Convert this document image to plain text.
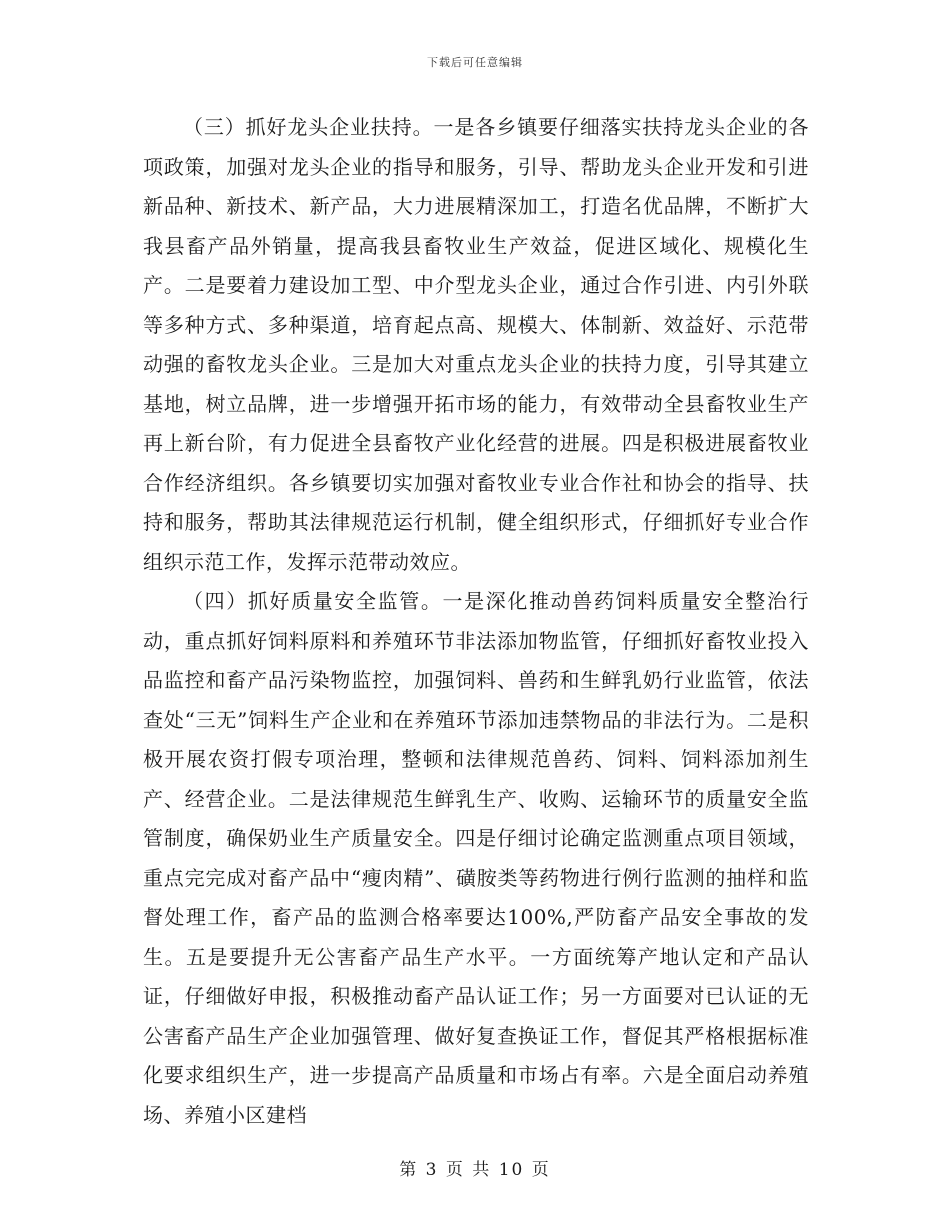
下载后可任意编辑

（三）抓好龙头企业扶持。一是各乡镇要仔细落实扶持龙头企业的各项政策，加强对龙头企业的指导和服务，引导、帮助龙头企业开发和引进新品种、新技术、新产品，大力进展精深加工，打造名优品牌，不断扩大我县畜产品外销量，提高我县畜牧业生产效益，促进区域化、规模化生产。二是要着力建设加工型、中介型龙头企业，通过合作引进、内引外联等多种方式、多种渠道，培育起点高、规模大、体制新、效益好、示范带动强的畜牧龙头企业。三是加大对重点龙头企业的扶持力度，引导其建立基地，树立品牌，进一步增强开拓市场的能力，有效带动全县畜牧业生产再上新台阶，有力促进全县畜牧产业化经营的进展。四是积极进展畜牧业合作经济组织。各乡镇要切实加强对畜牧业专业合作社和协会的指导、扶持和服务，帮助其法律规范运行机制，健全组织形式，仔细抓好专业合作组织示范工作，发挥示范带动效应。

（四）抓好质量安全监管。一是深化推动兽药饲料质量安全整治行动，重点抓好饲料原料和养殖环节非法添加物监管，仔细抓好畜牧业投入品监控和畜产品污染物监控，加强饲料、兽药和生鲜乳奶行业监管，依法查处“三无”饲料生产企业和在养殖环节添加违禁物品的非法行为。二是积极开展农资打假专项治理，整顿和法律规范兽药、饲料、饲料添加剂生产、经营企业。二是法律规范生鲜乳生产、收购、运输环节的质量安全监管制度，确保奶业生产质量安全。四是仔细讨论确定监测重点项目领域，重点完完成对畜产品中“瘦肉精”、磺胺类等药物进行例行监测的抽样和监督处理工作，畜产品的监测合格率要达100%,严防畜产品安全事故的发生。五是要提升无公害畜产品生产水平。一方面统筹产地认定和产品认证，仔细做好申报，积极推动畜产品认证工作；另一方面要对已认证的无公害畜产品生产企业加强管理、做好复查换证工作，督促其严格根据标准化要求组织生产，进一步提高产品质量和市场占有率。六是全面启动养殖场、养殖小区建档

第 3 页 共 10 页
